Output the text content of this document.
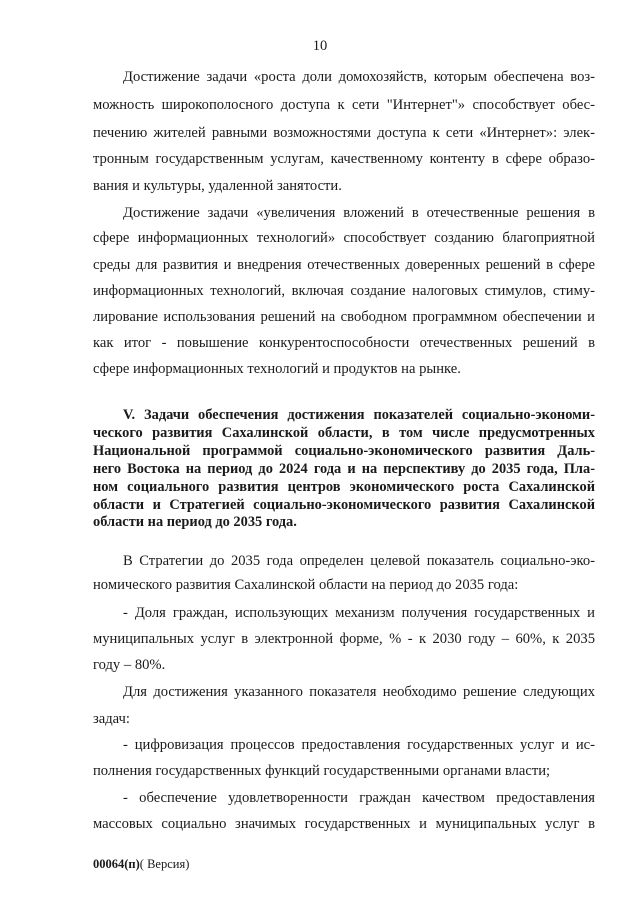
10
Достижение задачи «роста доли домохозяйств, которым обеспечена воз-
можность широкополосного доступа к сети "Интернет"» способствует обес-
печению жителей равными возможностями доступа к сети «Интернет»: элек-
тронным государственным услугам, качественному контенту в сфере образо-
вания и культуры, удаленной занятости.
Достижение задачи «увеличения вложений в отечественные решения в
сфере информационных технологий» способствует созданию благоприятной
среды для развития и внедрения отечественных доверенных решений в сфере
информационных технологий, включая создание налоговых стимулов, стиму-
лирование использования решений на свободном программном обеспечении и
как итог - повышение конкурентоспособности отечественных решений в
сфере информационных технологий и продуктов на рынке.
V. Задачи обеспечения достижения показателей социально-экономи-
ческого развития Сахалинской области, в том числе предусмотренных
Национальной программой социально-экономического развития Даль-
него Востока на период до 2024 года и на перспективу до 2035 года, Пла-
ном социального развития центров экономического роста Сахалинской
области и Стратегией социально-экономического развития Сахалинской
области на период до 2035 года.
В Стратегии до 2035 года определен целевой показатель социально-эко-
номического развития Сахалинской области на период до 2035 года:
- Доля граждан, использующих механизм получения государственных и
муниципальных услуг в электронной форме, % - к 2030 году – 60%, к 2035
году – 80%.
Для достижения указанного показателя необходимо решение следующих
задач:
- цифровизация процессов предоставления государственных услуг и ис-
полнения государственных функций государственными органами власти;
- обеспечение удовлетворенности граждан качеством предоставления
массовых социально значимых государственных и муниципальных услуг в
00064(п)( Версия)
